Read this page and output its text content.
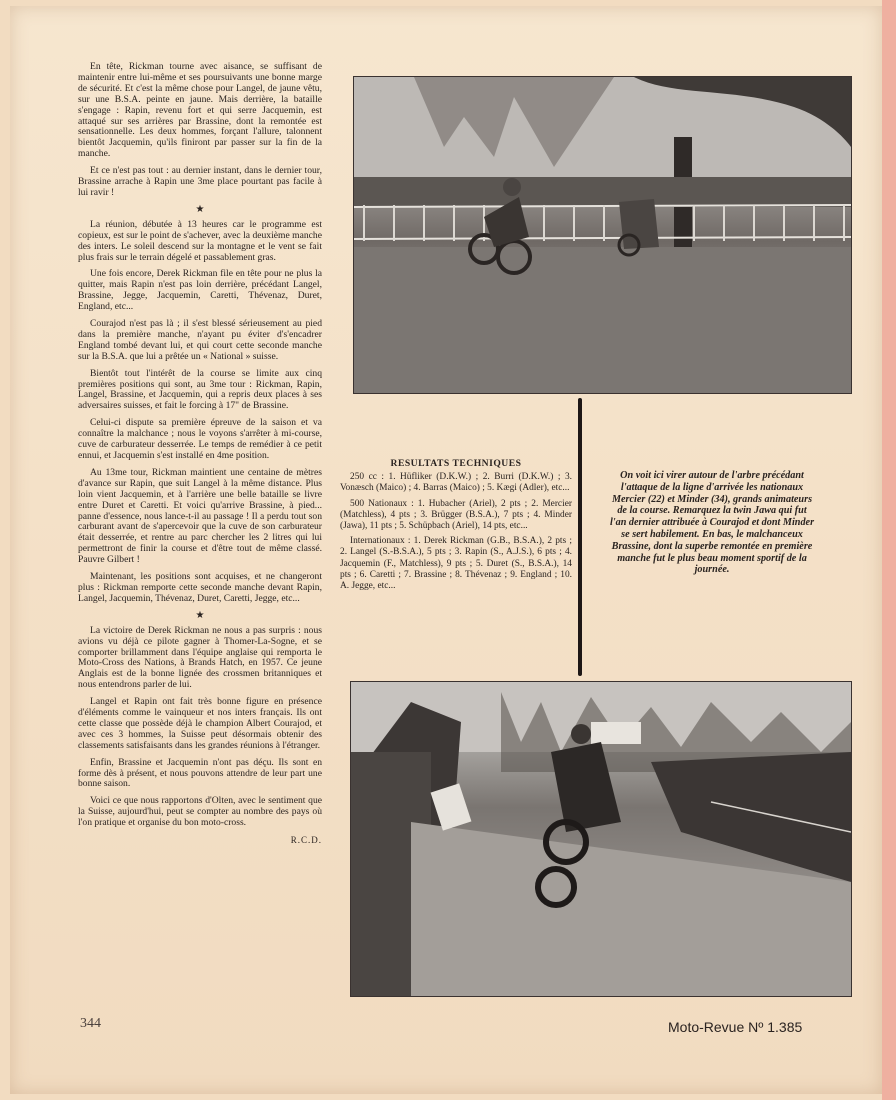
En tête, Rickman tourne avec aisance, se suffisant de maintenir entre lui-même et ses poursuivants une bonne marge de sécurité. Et c'est la même chose pour Langel, de jaune vêtu, sur une B.S.A. peinte en jaune. Mais derrière, la bataille s'engage : Rapin, revenu fort et qui serre Jacquemin, est attaqué sur ses arrières par Brassine, dont la remontée est sensationnelle. Les deux hommes, forçant l'allure, talonnent bientôt Jacquemin, qu'ils finiront par passer sur la fin de la manche.

Et ce n'est pas tout : au dernier instant, dans le dernier tour, Brassine arrache à Rapin une 3me place pourtant pas facile à lui ravir !

★

La réunion, débutée à 13 heures car le programme est copieux, est sur le point de s'achever, avec la deuxième manche des inters. Le soleil descend sur la montagne et le vent se fait plus frais sur le terrain dégelé et passablement gras.

Une fois encore, Derek Rickman file en tête pour ne plus la quitter, mais Rapin n'est pas loin derrière, précédant Langel, Brassine, Jegge, Jacquemin, Caretti, Thévenaz, Duret, England, etc...

Courajod n'est pas là ; il s'est blessé sérieusement au pied dans la première manche, n'ayant pu éviter d's'encadrer England tombé devant lui, et qui court cette seconde manche sur la B.S.A. que lui a prêtée un « National » suisse.

Bientôt tout l'intérêt de la course se limite aux cinq premières positions qui sont, au 3me tour : Rickman, Rapin, Langel, Brassine, et Jacquemin, qui a repris deux places à ses adversaires suisses, et fait le forcing à 17" de Brassine.

Celui-ci dispute sa première épreuve de la saison et va connaître la malchance ; nous le voyons s'arrêter à mi-course, cuve de carburateur desserrée. Le temps de remédier à ce petit ennui, et Jacquemin s'est installé en 4me position.

Au 13me tour, Rickman maintient une centaine de mètres d'avance sur Rapin, que suit Langel à la même distance. Plus loin vient Jacquemin, et à l'arrière une belle bataille se livre entre Duret et Caretti. Et voici qu'arrive Brassine, à pied... panne d'essence, nous lance-t-il au passage ! Il a perdu tout son carburant avant de s'apercevoir que la cuve de son carburateur était desserrée, et rentre au parc chercher les 2 litres qui lui permettront de finir la course et d'être tout de même classé. Pauvre Gilbert !

Maintenant, les positions sont acquises, et ne changeront plus : Rickman remporte cette seconde manche devant Rapin, Langel, Jacquemin, Thévenaz, Duret, Caretti, Jegge, etc...

★

La victoire de Derek Rickman ne nous a pas surpris : nous avions vu déjà ce pilote gagner à Thomer-La-Sogne, et se comporter brillamment dans l'équipe anglaise qui remporta le Moto-Cross des Nations, à Brands Hatch, en 1957. Ce jeune Anglais est de la bonne lignée des crossmen britanniques et nous entendrons parler de lui.

Langel et Rapin ont fait très bonne figure en présence d'éléments comme le vainqueur et nos inters français. Ils ont cette classe que possède déjà le champion Albert Courajod, et avec ces 3 hommes, la Suisse peut désormais obtenir des classements satisfaisants dans les grandes réunions à l'étranger.

Enfin, Brassine et Jacquemin n'ont pas déçu. Ils sont en forme dès à présent, et nous pouvons attendre de leur part une bonne saison.

Voici ce que nous rapportons d'Olten, avec le sentiment que la Suisse, aujourd'hui, peut se compter au nombre des pays où l'on pratique et organise du bon moto-cross.

R.C.D.
RESULTATS TECHNIQUES

250 cc : 1. Hüfliker (D.K.W.) ; 2. Burri (D.K.W.) ; 3. Vonæsch (Maico) ; 4. Barras (Maico) ; 5. Kægi (Adler), etc...

500 Nationaux : 1. Hubacher (Ariel), 2 pts ; 2. Mercier (Matchless), 4 pts ; 3. Brügger (B.S.A.), 7 pts ; 4. Minder (Jawa), 11 pts ; 5. Schüpbach (Ariel), 14 pts, etc...

Internationaux : 1. Derek Rickman (G.B., B.S.A.), 2 pts ; 2. Langel (S.-B.S.A.), 5 pts ; 3. Rapin (S., A.J.S.), 6 pts ; 4. Jacquemin (F., Matchless), 9 pts ; 5. Duret (S., B.S.A.), 14 pts ; 6. Caretti ; 7. Brassine ; 8. Thévenaz ; 9. England ; 10. A. Jegge, etc...

On voit ici virer autour de l'arbre précédant l'attaque de la ligne d'arrivée les nationaux Mercier (22) et Minder (34), grands animateurs de la course. Remarquez la twin Jawa qui fut l'an dernier attribuée à Courajod et dont Minder se sert habilement. En bas, le malchanceux Brassine, dont la superbe remontée en première manche fut le plus beau moment sportif de la journée.
344	Moto-Revue Nº 1.385
